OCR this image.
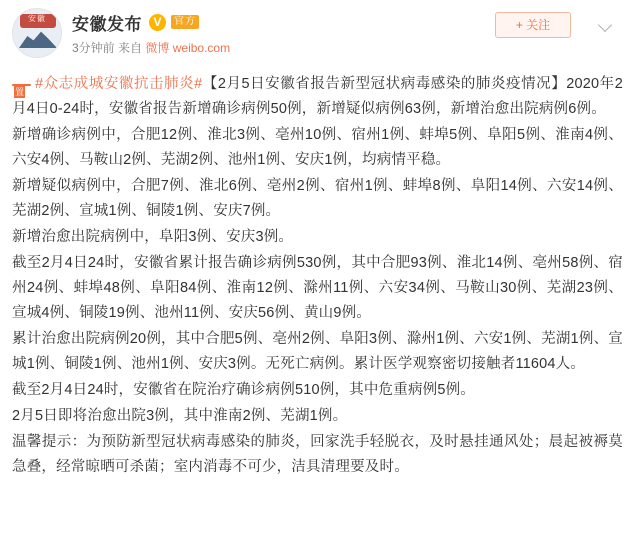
安徽	安徽发布 V	官方
3分钟前 来自 微博 weibo.com
+ 关注

置#众志成城安徽抗击肺炎#【2月5日安徽省报告新型冠状病毒感染的肺炎疫情况】2020年2月4日0-24时，安徽省报告新增确诊病例50例，新增疑似病例63例，新增治愈出院病例6例。

新增确诊病例中，合肥12例、淮北3例、亳州10例、宿州1例、蚌埠5例、阜阳5例、淮南4例、六安4例、马鞍山2例、芜湖2例、池州1例、安庆1例，均病情平稳。

新增疑似病例中，合肥7例、淮北6例、亳州2例、宿州1例、蚌埠8例、阜阳14例、六安14例、芜湖2例、宣城1例、铜陵1例、安庆7例。

新增治愈出院病例中，阜阳3例、安庆3例。

截至2月4日24时，安徽省累计报告确诊病例530例，其中合肥93例、淮北14例、亳州58例、宿州24例、蚌埠48例、阜阳84例、淮南12例、滁州11例、六安34例、马鞍山30例、芜湖23例、宣城4例、铜陵19例、池州11例、安庆56例、黄山9例。

累计治愈出院病例20例，其中合肥5例、亳州2例、阜阳3例、滁州1例、六安1例、芜湖1例、宣城1例、铜陵1例、池州1例、安庆3例。无死亡病例。累计医学观察密切接触者11604人。

截至2月4日24时，安徽省在院治疗确诊病例510例，其中危重病例5例。

2月5日即将治愈出院3例，其中淮南2例、芜湖1例。

温馨提示：为预防新型冠状病毒感染的肺炎，回家洗手轻脱衣，及时悬挂通风处；晨起被褥莫急叠，经常晾晒可杀菌；室内消毒不可少，洁具清理要及时。
